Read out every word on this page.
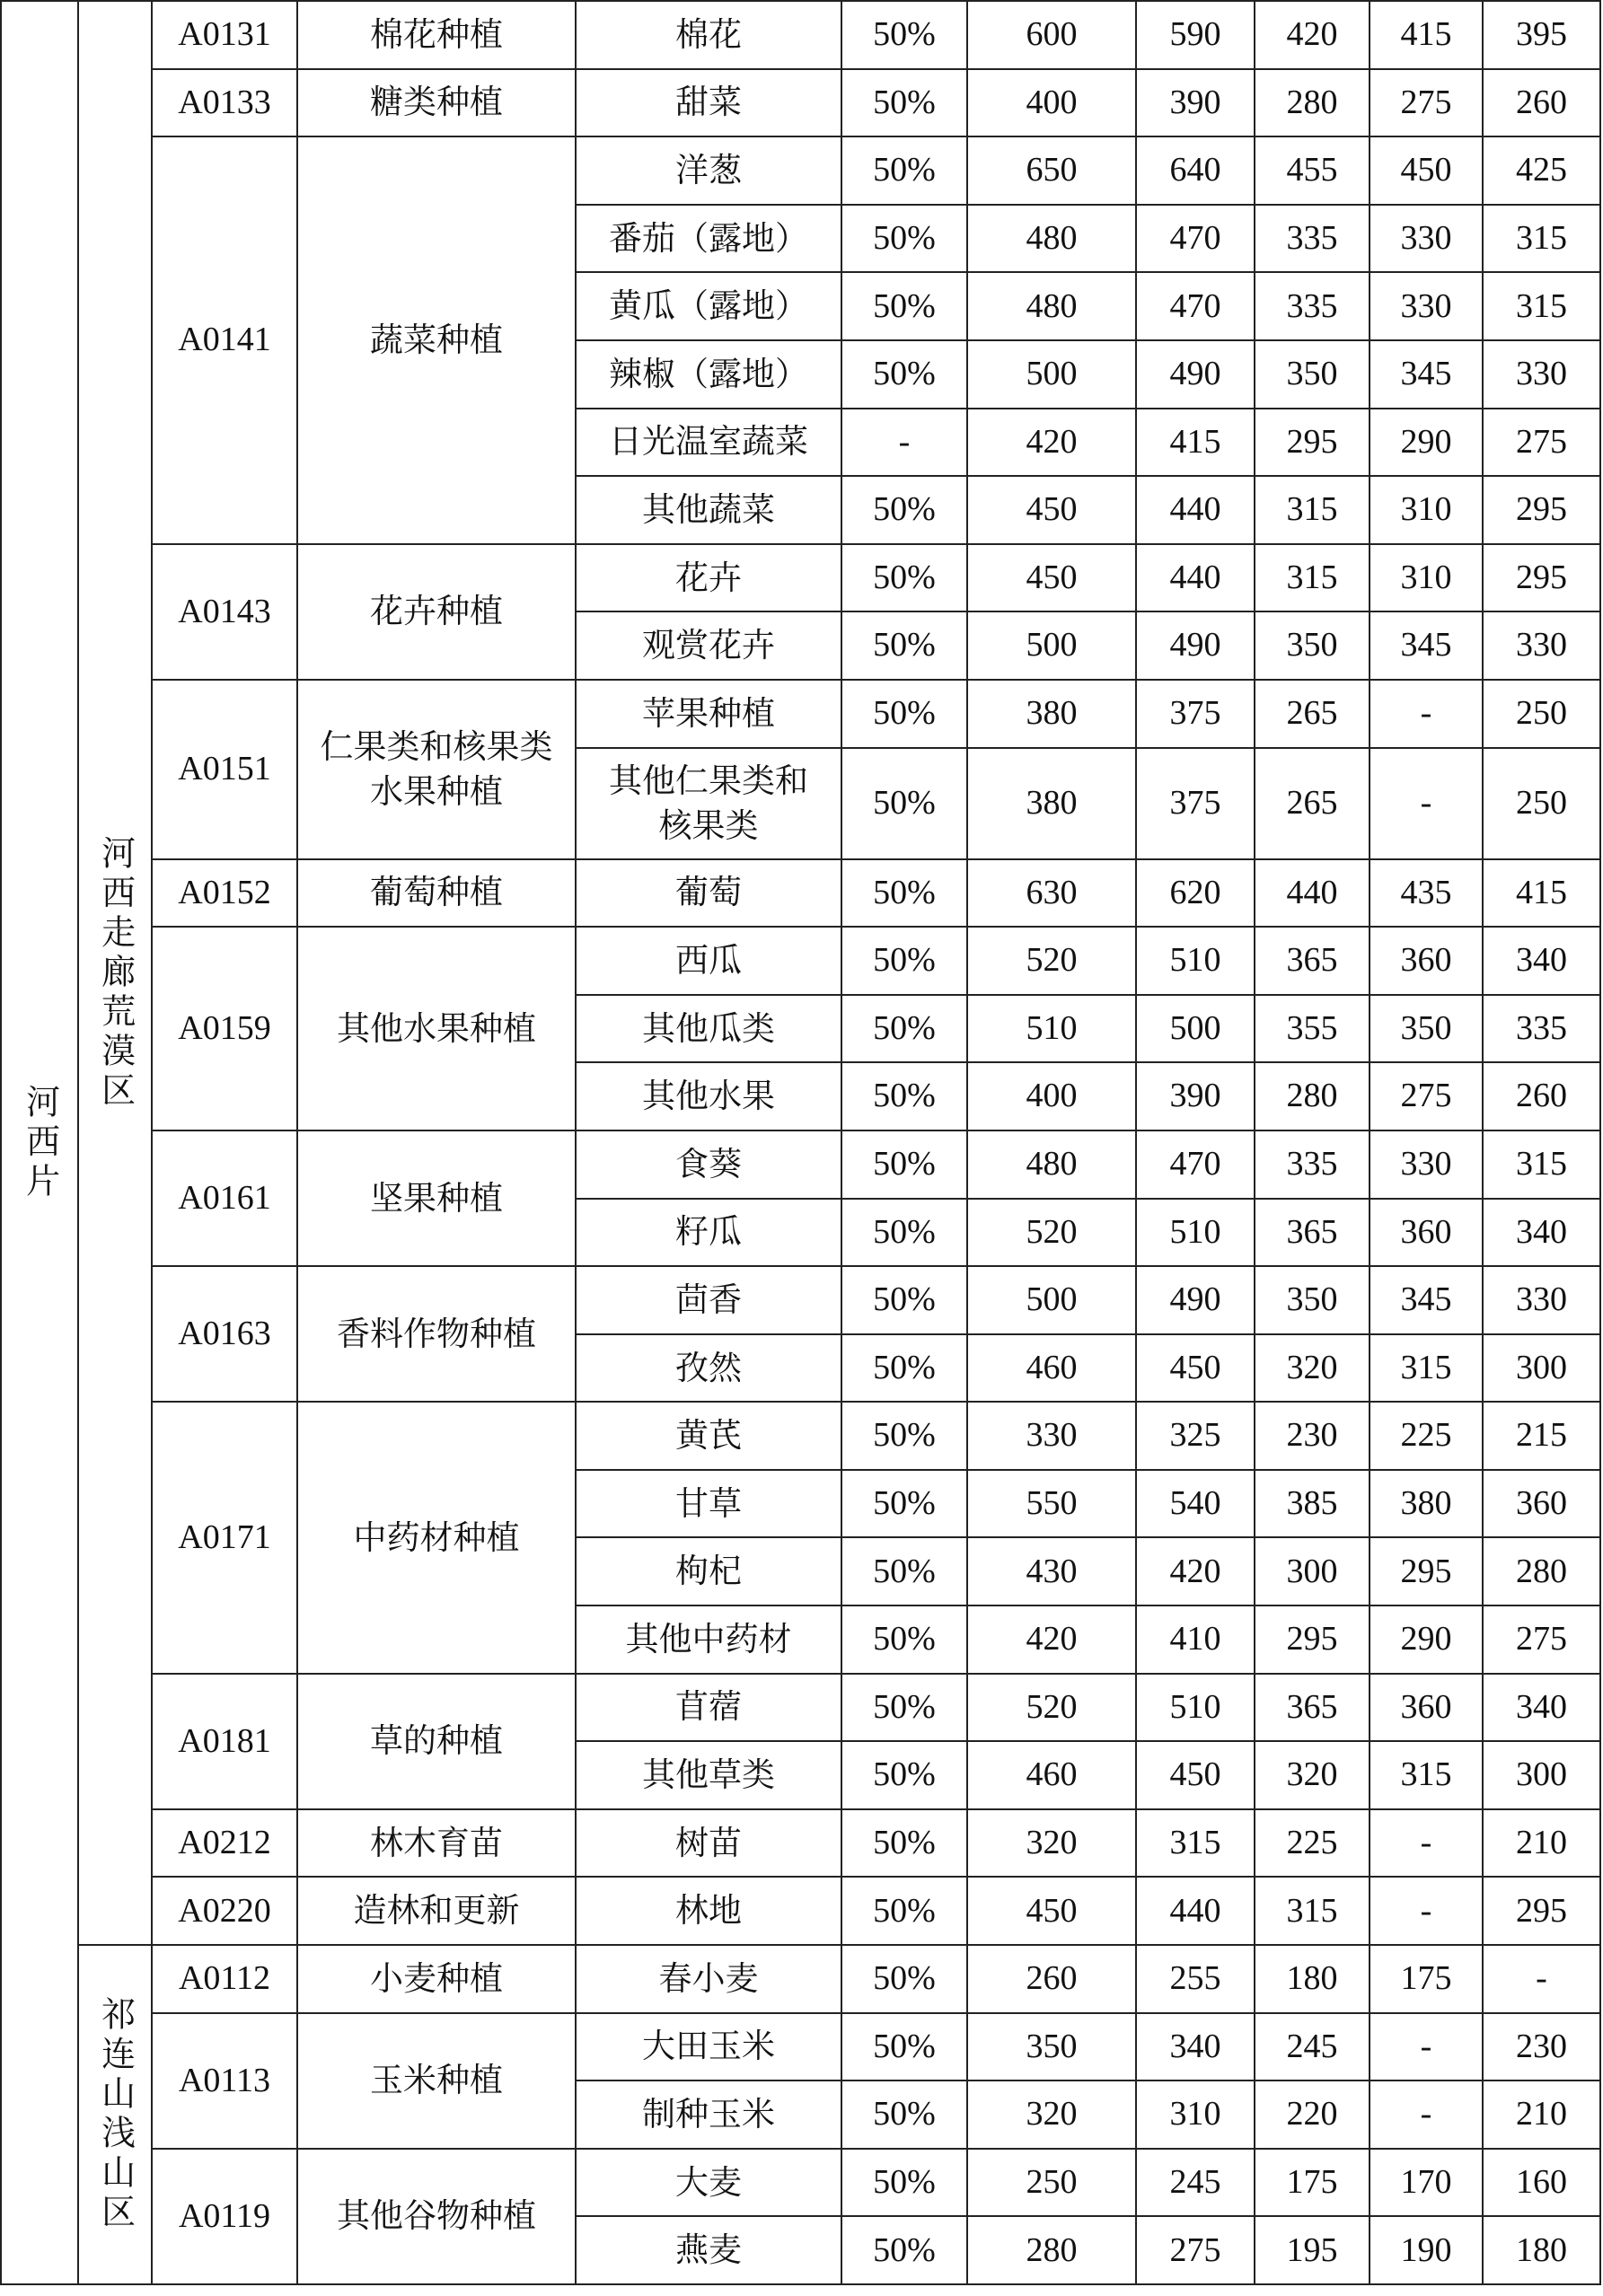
河西片	河西走廊荒漠区	A0131	棉花种植	棉花	50%	600	590	420	415	395
		A0133	糖类种植	甜菜	50%	400	390	280	275	260
		A0141	蔬菜种植	洋葱	50%	650	640	455	450	425
				番茄（露地）	50%	480	470	335	330	315
				黄瓜（露地）	50%	480	470	335	330	315
				辣椒（露地）	50%	500	490	350	345	330
				日光温室蔬菜	-	420	415	295	290	275
				其他蔬菜	50%	450	440	315	310	295
		A0143	花卉种植	花卉	50%	450	440	315	310	295
				观赏花卉	50%	500	490	350	345	330
		A0151	仁果类和核果类水果种植	苹果种植	50%	380	375	265	-	250
				其他仁果类和核果类	50%	380	375	265	-	250
		A0152	葡萄种植	葡萄	50%	630	620	440	435	415
		A0159	其他水果种植	西瓜	50%	520	510	365	360	340
				其他瓜类	50%	510	500	355	350	335
				其他水果	50%	400	390	280	275	260
		A0161	坚果种植	食葵	50%	480	470	335	330	315
				籽瓜	50%	520	510	365	360	340
		A0163	香料作物种植	茴香	50%	500	490	350	345	330
				孜然	50%	460	450	320	315	300
		A0171	中药材种植	黄芪	50%	330	325	230	225	215
				甘草	50%	550	540	385	380	360
				枸杞	50%	430	420	300	295	280
				其他中药材	50%	420	410	295	290	275
		A0181	草的种植	苜蓿	50%	520	510	365	360	340
				其他草类	50%	460	450	320	315	300
		A0212	林木育苗	树苗	50%	320	315	225	-	210
		A0220	造林和更新	林地	50%	450	440	315	-	295
	祁连山浅山区	A0112	小麦种植	春小麦	50%	260	255	180	175	-
		A0113	玉米种植	大田玉米	50%	350	340	245	-	230
				制种玉米	50%	320	310	220	-	210
		A0119	其他谷物种植	大麦	50%	250	245	175	170	160
				燕麦	50%	280	275	195	190	180
